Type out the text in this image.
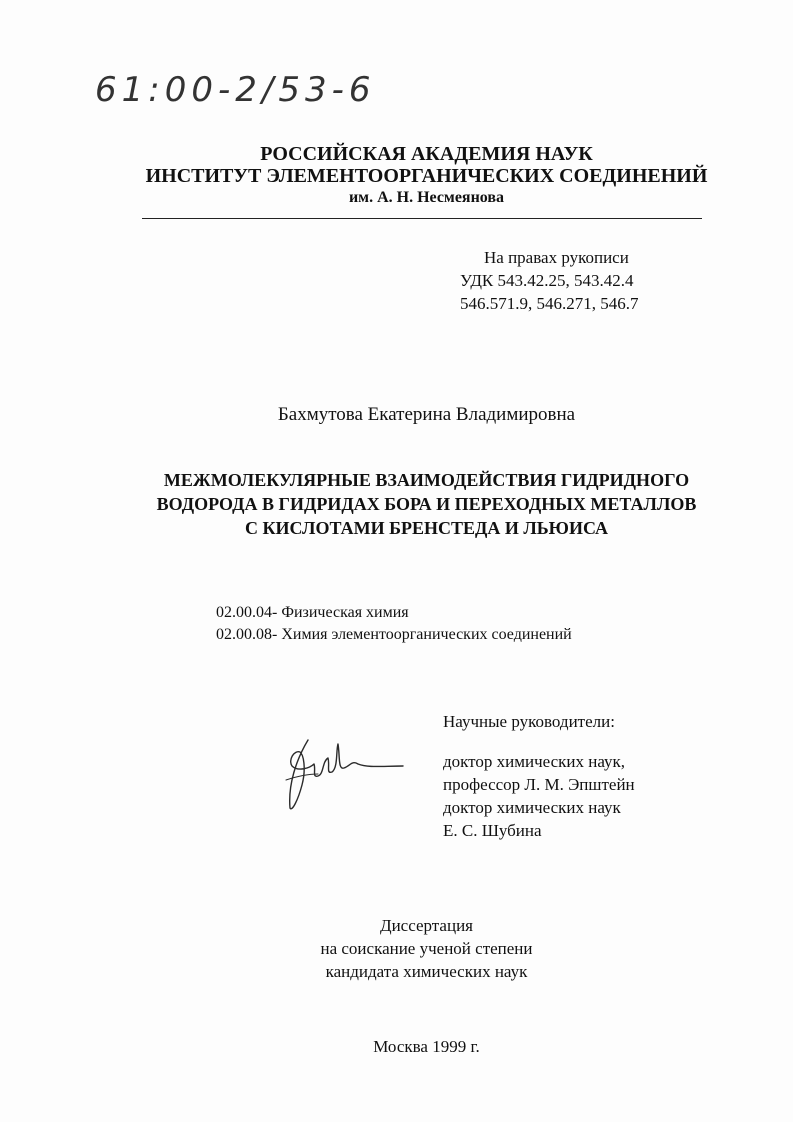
61:00-2/53-6
РОССИЙСКАЯ АКАДЕМИЯ НАУК
ИНСТИТУТ ЭЛЕМЕНТООРГАНИЧЕСКИХ СОЕДИНЕНИЙ
им. А. Н. Несмеянова
На правах рукописи
УДК 543.42.25, 543.42.4
546.571.9, 546.271, 546.7
Бахмутова Екатерина Владимировна
МЕЖМОЛЕКУЛЯРНЫЕ ВЗАИМОДЕЙСТВИЯ ГИДРИДНОГО
ВОДОРОДА В ГИДРИДАХ БОРА И ПЕРЕХОДНЫХ МЕТАЛЛОВ
С КИСЛОТАМИ БРЕНСТЕДА И ЛЬЮИСА
02.00.04- Физическая химия
02.00.08- Химия элементоорганических соединений
Научные руководители:
доктор химических наук,
профессор Л. М. Эпштейн
доктор химических наук
Е. С. Шубина
Диссертация
на соискание ученой степени
кандидата химических наук
Москва 1999 г.
